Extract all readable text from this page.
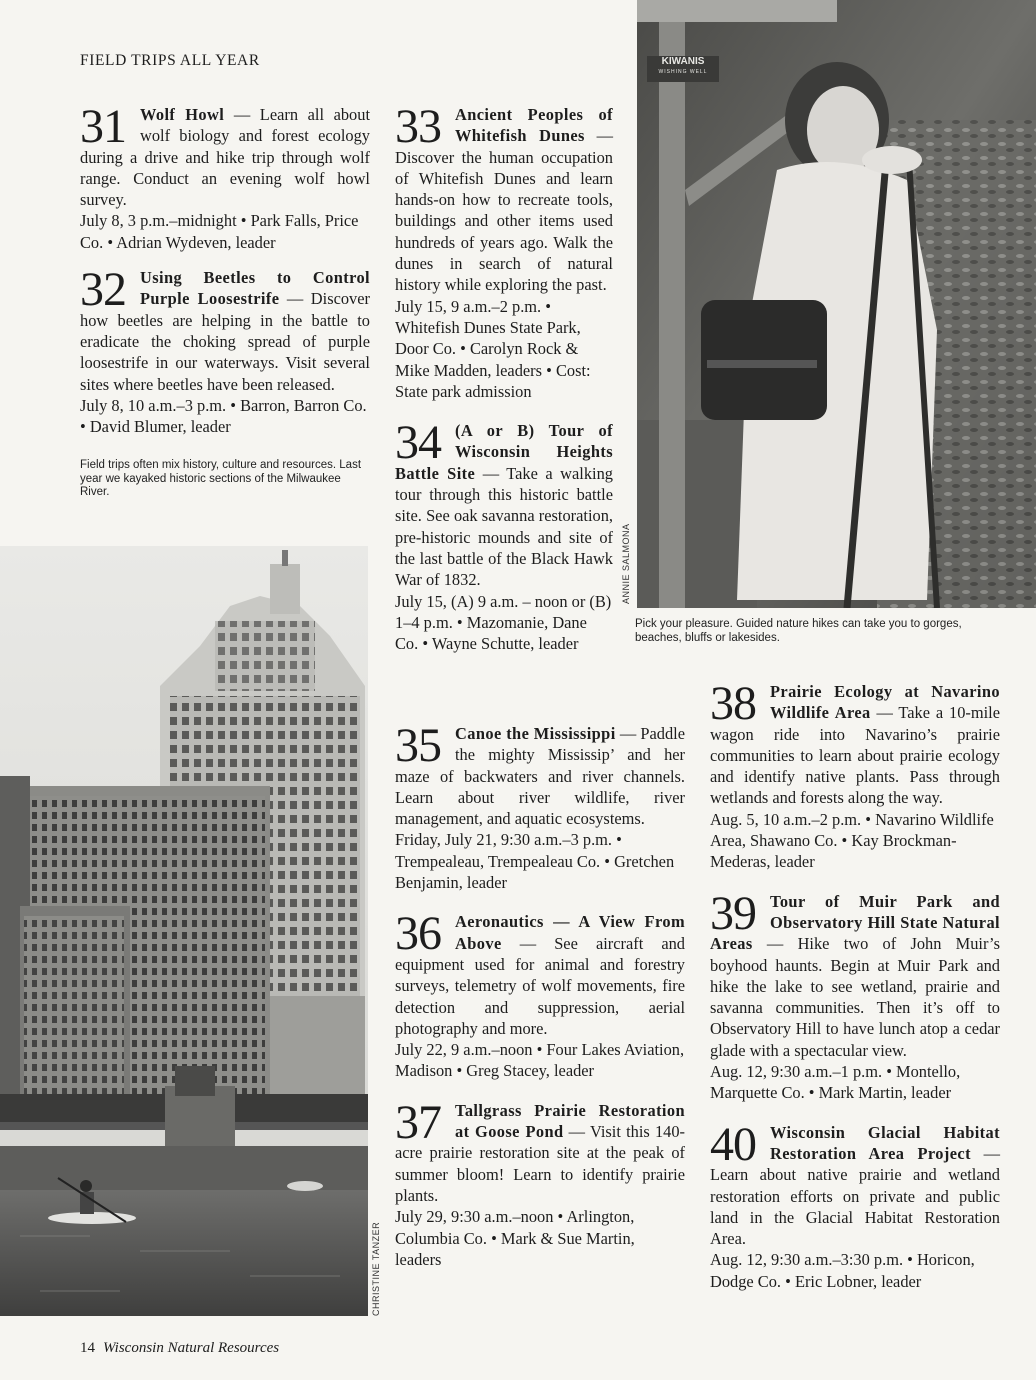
FIELD TRIPS ALL YEAR
31 Wolf Howl — Learn all about wolf biology and forest ecology during a drive and hike trip through wolf range. Conduct an evening wolf howl survey.
July 8, 3 p.m.–midnight • Park Falls, Price Co. • Adrian Wydeven, leader
32 Using Beetles to Control Purple Loosestrife — Discover how beetles are helping in the battle to eradicate the choking spread of purple loosestrife in our waterways. Visit several sites where beetles have been released.
July 8, 10 a.m.–3 p.m. • Barron, Barron Co. • David Blumer, leader
Field trips often mix history, culture and resources. Last year we kayaked historic sections of the Milwaukee River.
CHRISTINE TANZER
33 Ancient Peoples of Whitefish Dunes — Discover the human occupation of Whitefish Dunes and learn hands-on how to recreate tools, buildings and other items used hundreds of years ago. Walk the dunes in search of natural history while exploring the past.
July 15, 9 a.m.–2 p.m. • Whitefish Dunes State Park, Door Co. • Carolyn Rock & Mike Madden, leaders • Cost: State park admission
34 (A or B) Tour of Wisconsin Heights Battle Site — Take a walking tour through this historic battle site. See oak savanna restoration, pre-historic mounds and site of the last battle of the Black Hawk War of 1832.
July 15, (A) 9 a.m. – noon or (B) 1–4 p.m. • Mazomanie, Dane Co. • Wayne Schutte, leader
35 Canoe the Mississippi — Paddle the mighty Mississip’ and her maze of backwaters and river channels. Learn about river wildlife, river management, and aquatic ecosystems.
Friday, July 21, 9:30 a.m.–3 p.m. • Trempealeau, Trempealeau Co. • Gretchen Benjamin, leader
36 Aeronautics — A View From Above — See aircraft and equipment used for animal and forestry surveys, telemetry of wolf movements, fire detection and suppression, aerial photography and more.
July 22, 9 a.m.–noon • Four Lakes Aviation, Madison • Greg Stacey, leader
37 Tallgrass Prairie Restoration at Goose Pond — Visit this 140-acre prairie restoration site at the peak of summer bloom! Learn to identify prairie plants.
July 29, 9:30 a.m.–noon • Arlington, Columbia Co. • Mark & Sue Martin, leaders
KIWANIS
WISHING WELL
ANNIE SALMONA
Pick your pleasure. Guided nature hikes can take you to gorges, beaches, bluffs or lakesides.
38 Prairie Ecology at Navarino Wildlife Area — Take a 10-mile wagon ride into Navarino’s prairie communities to learn about prairie ecology and identify native plants. Pass through wetlands and forests along the way.
Aug. 5, 10 a.m.–2 p.m. • Navarino Wildlife Area, Shawano Co. • Kay Brockman-Mederas, leader
39 Tour of Muir Park and Observatory Hill State Natural Areas — Hike two of John Muir’s boyhood haunts. Begin at Muir Park and hike the lake to see wetland, prairie and savanna communities. Then it’s off to Observatory Hill to have lunch atop a cedar glade with a spectacular view.
Aug. 12, 9:30 a.m.–1 p.m. • Montello, Marquette Co. • Mark Martin, leader
40 Wisconsin Glacial Habitat Restoration Area Project — Learn about native prairie and wetland restoration efforts on private and public land in the Glacial Habitat Restoration Area.
Aug. 12, 9:30 a.m.–3:30 p.m. • Horicon, Dodge Co. • Eric Lobner, leader
14 Wisconsin Natural Resources
